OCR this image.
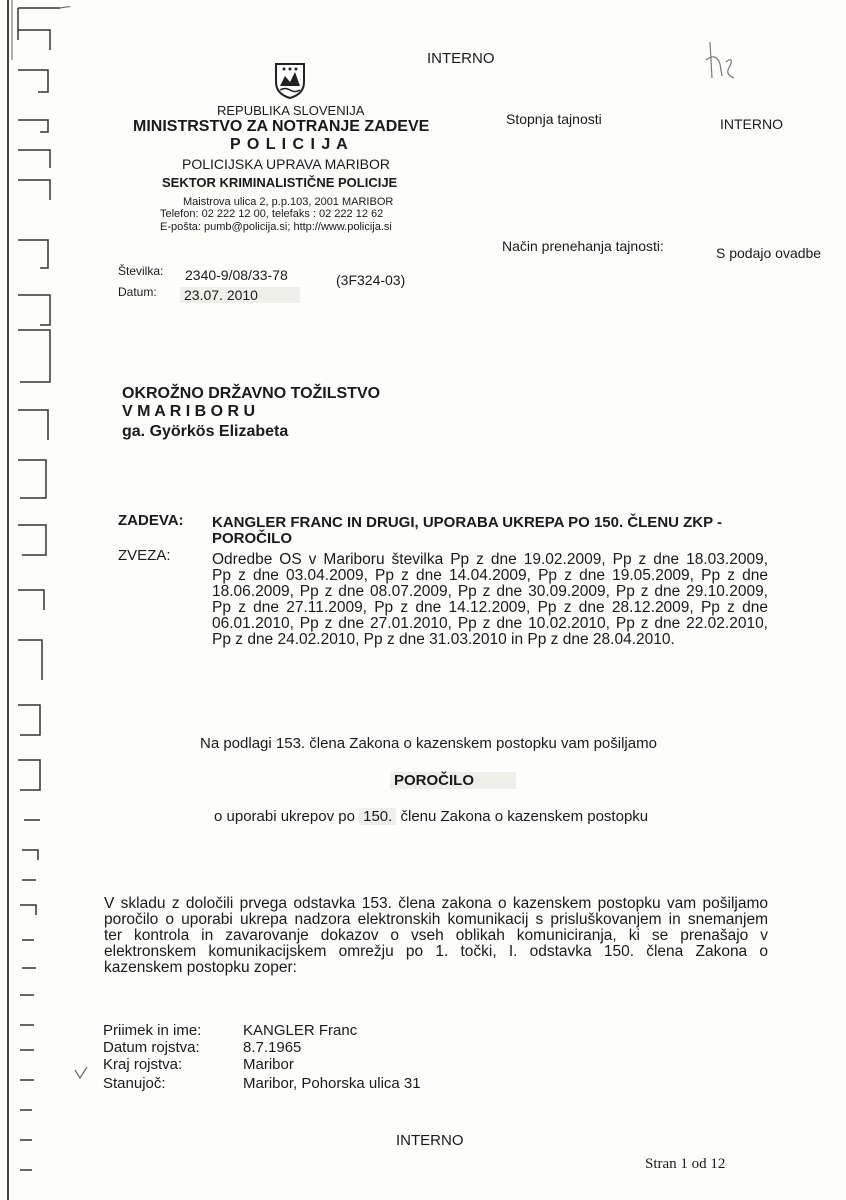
INTERNO
REPUBLIKA SLOVENIJA
MINISTRSTVO ZA NOTRANJE ZADEVE
P O L I C I J A
POLICIJSKA UPRAVA MARIBOR
SEKTOR KRIMINALISTIČNE POLICIJE
Maistrova ulica 2, p.p.103, 2001 MARIBOR
Telefon: 02 222 12 00, telefaks : 02 222 12 62
E-pošta: pumb@policija.si; http://www.policija.si
Stopnja tajnosti	INTERNO
Način prenehanja tajnosti:	S podajo ovadbe
Številka: 2340-9/08/33-78	(3F324-03)
Datum: 23.07. 2010
OKROŽNO DRŽAVNO TOŽILSTVO
V M A R I B O R U
ga. Györkös Elizabeta
ZADEVA: KANGLER FRANC IN DRUGI, UPORABA UKREPA PO 150. ČLENU ZKP -
POROČILO
ZVEZA:	Odredbe OS v Mariboru številka Pp z dne 19.02.2009, Pp z dne 18.03.2009,
Pp z dne 03.04.2009, Pp z dne 14.04.2009, Pp z dne 19.05.2009, Pp z dne
18.06.2009, Pp z dne 08.07.2009, Pp z dne 30.09.2009, Pp z dne 29.10.2009,
Pp z dne 27.11.2009, Pp z dne 14.12.2009, Pp z dne 28.12.2009, Pp z dne
06.01.2010, Pp z dne 27.01.2010, Pp z dne 10.02.2010, Pp z dne 22.02.2010,
Pp z dne 24.02.2010, Pp z dne 31.03.2010 in Pp z dne 28.04.2010.
Na podlagi 153. člena Zakona o kazenskem postopku vam pošiljamo
POROČILO
o uporabi ukrepov po 150. členu Zakona o kazenskem postopku
V skladu z določili prvega odstavka 153. člena zakona o kazenskem postopku vam pošiljamo
poročilo o uporabi ukrepa nadzora elektronskih komunikacij s prisluškovanjem in snemanjem
ter kontrola in zavarovanje dokazov o vseh oblikah komuniciranja, ki se prenašajo v
elektronskem komunikacijskem omrežju po 1. točki, I. odstavka 150. člena Zakona o
kazenskem postopku zoper:
Priimek in ime:	KANGLER Franc
Datum rojstva:	8.7.1965
Kraj rojstva:	Maribor
Stanujoč:	Maribor, Pohorska ulica 31
INTERNO
Stran 1 od 12
